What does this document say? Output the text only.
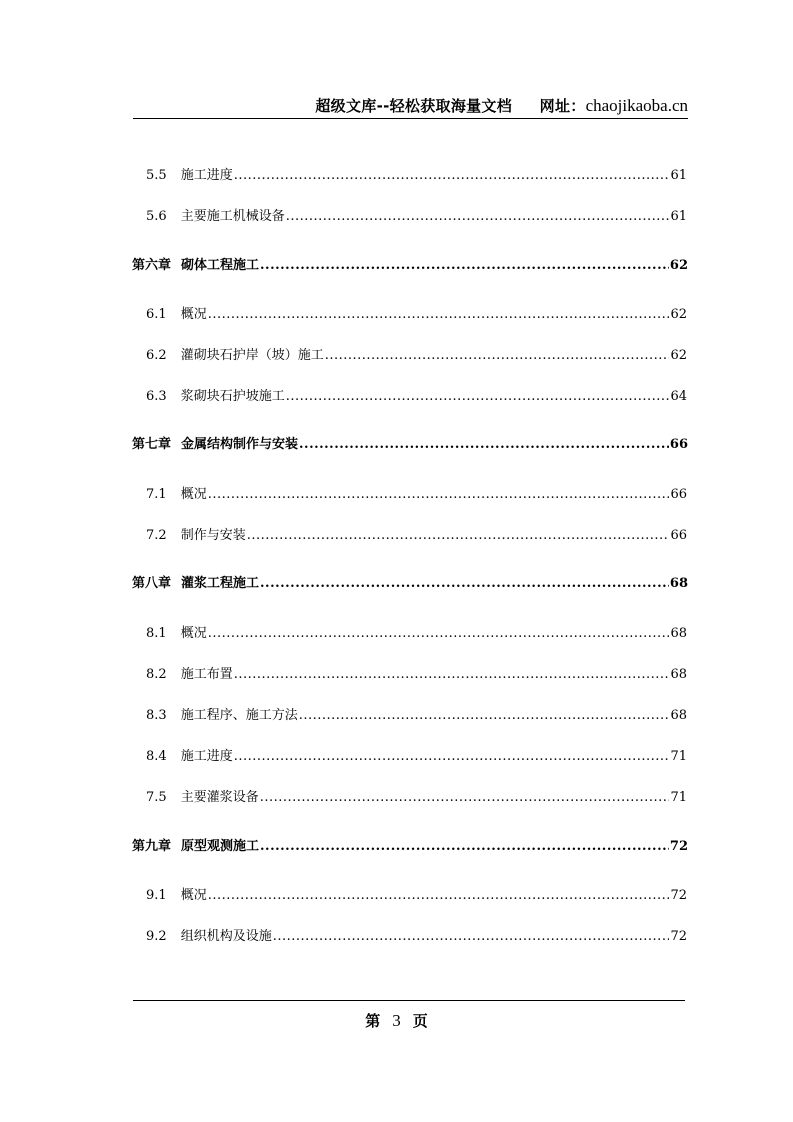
超级文库--轻松获取海量文档 网址：chaojikaoba.cn
5.5 施工进度 .....	61
5.6 主要施工机械设备 .....	61
第六章 砌体工程施工 .....	62
6.1 概况 .....	62
6.2 灌砌块石护岸（坡）施工 .....	62
6.3 浆砌块石护坡施工 .....	64
第七章 金属结构制作与安装 .....	66
7.1 概况 .....	66
7.2 制作与安装 .....	66
第八章 灌浆工程施工 .....	68
8.1 概况 .....	68
8.2 施工布置 .....	68
8.3 施工程序、施工方法 .....	68
8.4 施工进度 .....	71
7.5 主要灌浆设备 .....	71
第九章 原型观测施工 .....	72
9.1 概况 .....	72
9.2 组织机构及设施 .....	72
第 3 页
